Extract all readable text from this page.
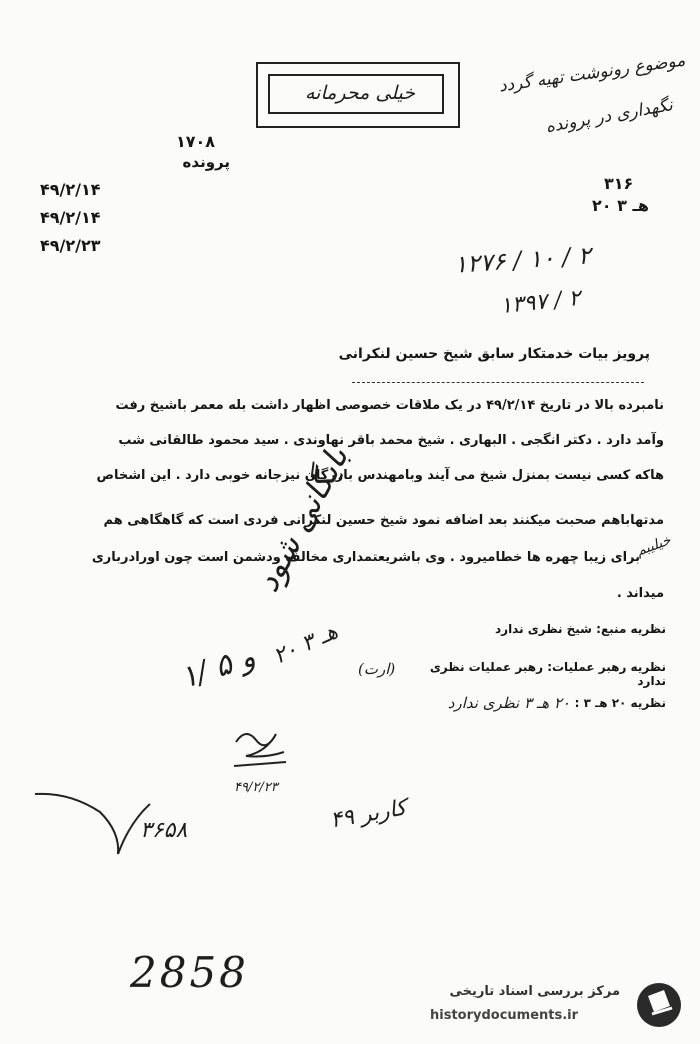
خیلی محرمانه
۱۷۰۸
پرونده
۴۹/۲/۱۴
۴۹/۲/۱۴
۴۹/۲/۲۳
۳۱۶
۲۰ هـ ۳
موضوع رونوشت تهیه گردد
نگهداری در پرونده
۱۲۷۶ / ۱۰ / ۲
۱۳۹۷ / ۲
پرویز بیات خدمتکار سابق شیخ حسین لنکرانی
نامبرده بالا در تاریخ ۴۹/۲/۱۴ در یک ملاقات خصوصی اظهار داشت بله معمر باشیخ رفت
وآمد دارد . دکتر انگجی . البهاری . شیخ محمد باقر نهاوندی . سید محمود طالقانی شب
هاکه کسی نیست بمنزل شیخ می آیند وبامهندس بازرگان نیزجانه خوبی دارد . این اشخاص
مدتهاباهم صحبت میکنند بعد اضافه نمود شیخ حسین لنکرانی فردی است که گاهگاهی هم
برای زیبا چهره ها خطامیرود . وی باشریعتمداری مخالف ودشمن است چون اورادرباری
میداند .
خیلیبم
نظریه منبع: شیخ نظری ندارد
نظریه رهبر عملیات: رهبر عملیات نظری ندارد
(ارت)
نظریه ۲۰ هـ ۳ :
۲۰ هـ ۳ نظری ندارد
بایگانی شود
۲۰ هـ ۳
۱/ ۵ و
۴۹/۲/۲۳
۳۶۵۸	کاربر ۴۹
2858	مرکز بررسی اسناد تاریخی
historydocuments.ir
